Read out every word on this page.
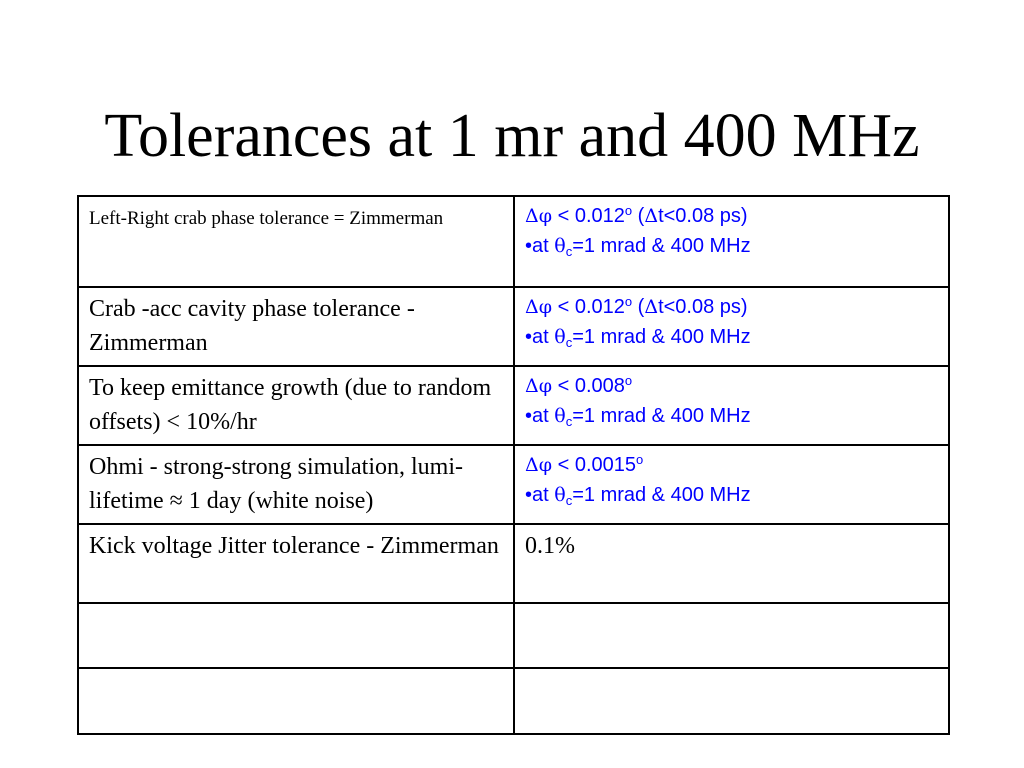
Tolerances at 1 mr and 400 MHz
Left-Right crab phase tolerance = Zimmerman	$\Delta\varphi < 0.012^o$ (Δt<0.08 ps)
•at $\theta_c=1$ mrad & 400 MHz

Crab -acc cavity phase tolerance - Zimmerman	$\Delta\varphi < 0.012^o$ (Δt<0.08 ps)
•at $\theta_c=1$ mrad & 400 MHz

To keep emittance growth (due to random offsets) < 10%/hr	$\Delta\varphi < 0.008^o$
•at $\theta_c=1$ mrad & 400 MHz

Ohmi - strong-strong simulation, lumi- lifetime ≈ 1 day (white noise)	$\Delta\varphi < 0.0015^o$
•at $\theta_c=1$ mrad & 400 MHz

Kick voltage Jitter tolerance - Zimmerman	0.1%
